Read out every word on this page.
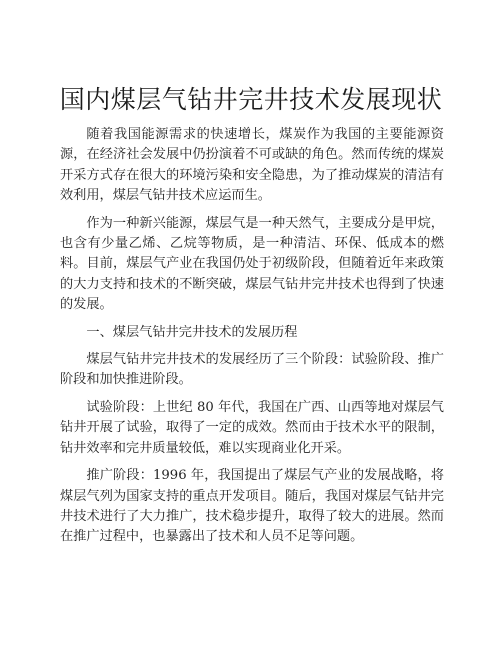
国内煤层气钻井完井技术发展现状

随着我国能源需求的快速增长，煤炭作为我国的主要能源资源，在经济社会发展中仍扮演着不可或缺的角色。然而传统的煤炭开采方式存在很大的环境污染和安全隐患，为了推动煤炭的清洁有效利用，煤层气钻井技术应运而生。

作为一种新兴能源，煤层气是一种天然气，主要成分是甲烷，也含有少量乙烯、乙烷等物质，是一种清洁、环保、低成本的燃料。目前，煤层气产业在我国仍处于初级阶段，但随着近年来政策的大力支持和技术的不断突破，煤层气钻井完井技术也得到了快速的发展。

一、煤层气钻井完井技术的发展历程

煤层气钻井完井技术的发展经历了三个阶段：试验阶段、推广阶段和加快推进阶段。

试验阶段：上世纪 80 年代，我国在广西、山西等地对煤层气钻井开展了试验，取得了一定的成效。然而由于技术水平的限制，钻井效率和完井质量较低，难以实现商业化开采。

推广阶段：1996 年，我国提出了煤层气产业的发展战略，将煤层气列为国家支持的重点开发项目。随后，我国对煤层气钻井完井技术进行了大力推广，技术稳步提升，取得了较大的进展。然而在推广过程中，也暴露出了技术和人员不足等问题。
